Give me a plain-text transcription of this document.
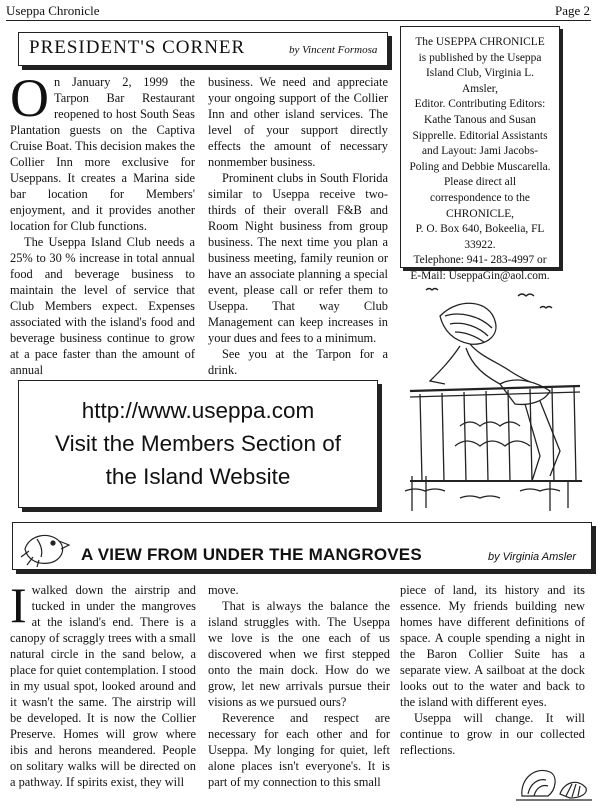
Useppa Chronicle	Page 2
PRESIDENT'S CORNER	by Vincent Formosa

On January 2, 1999 the Tarpon Bar Restaurant reopened to host South Seas Plantation guests on the Captiva Cruise Boat. This decision makes the Collier Inn more exclusive for Useppans. It creates a Marina side bar location for Members' enjoyment, and it provides another location for Club functions.

The Useppa Island Club needs a 25% to 30 % increase in total annual food and beverage business to maintain the level of service that Club Members expect. Expenses associated with the island's food and beverage business continue to grow at a pace faster than the amount of annual

business. We need and appreciate your ongoing support of the Collier Inn and other island services. The level of your support directly effects the amount of necessary nonmember business.

Prominent clubs in South Florida similar to Useppa receive two-thirds of their overall F&B and Room Night business from group business. The next time you plan a business meeting, family reunion or have an associate planning a special event, please call or refer them to Useppa. That way Club Management can keep increases in your dues and fees to a minimum.

See you at the Tarpon for a drink.

The USEPPA CHRONICLE
is published by the Useppa
Island Club, Virginia L. Amsler,
Editor. Contributing Editors:
Kathe Tanous and Susan
Sipprelle. Editorial Assistants
and Layout: Jami Jacobs-
Poling and Debbie Muscarella.
Please direct all
correspondence to the
CHRONICLE,
P. O. Box 640, Bokeelia, FL
33922.
Telephone: 941- 283-4997 or
E-Mail: UseppaGin@aol.com.
http://www.useppa.com
Visit the Members Section of
the Island Website
A VIEW FROM UNDER THE MANGROVES	by Virginia Amsler

Iwalked down the airstrip and tucked in under the mangroves at the island's end. There is a canopy of scraggly trees with a small natural circle in the sand below, a place for quiet contemplation. I stood in my usual spot, looked around and it wasn't the same. The airstrip will be developed. It is now the Collier Preserve. Homes will grow where ibis and herons meandered. People on solitary walks will be directed on a pathway. If spirits exist, they will

move.

That is always the balance the island struggles with. The Useppa we love is the one each of us discovered when we first stepped onto the main dock. How do we grow, let new arrivals pursue their visions as we pursued ours?

Reverence and respect are necessary for each other and for Useppa. My longing for quiet, left alone places isn't everyone's. It is part of my connection to this small

piece of land, its history and its essence. My friends building new homes have different definitions of space. A couple spending a night in the Baron Collier Suite has a separate view. A sailboat at the dock looks out to the water and back to the island with different eyes.

Useppa will change. It will continue to grow in our collected reflections.
